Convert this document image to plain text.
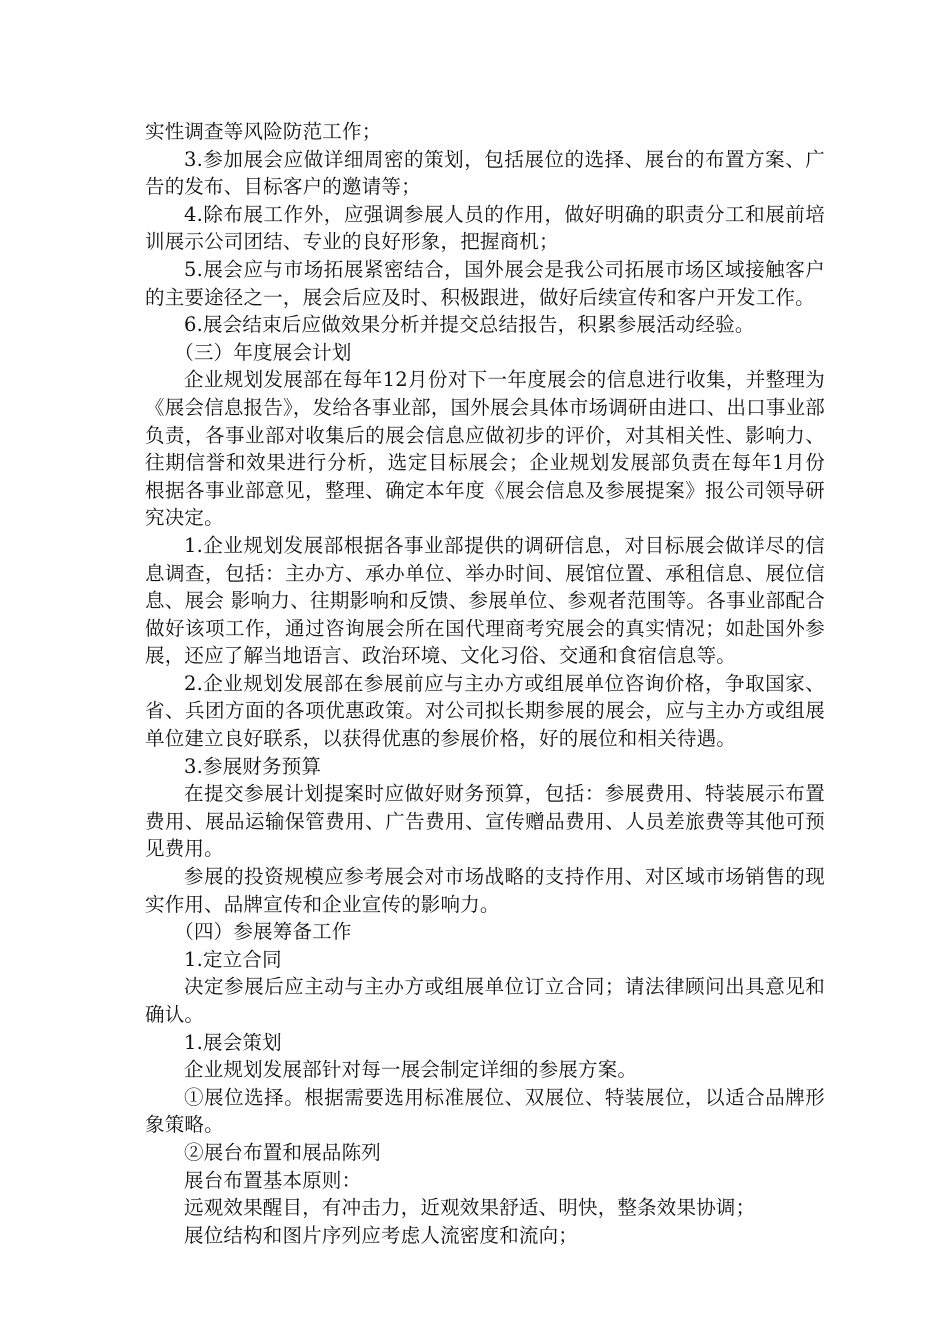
实性调查等风险防范工作；

3.参加展会应做详细周密的策划，包括展位的选择、展台的布置方案、广告的发布、目标客户的邀请等；

4.除布展工作外，应强调参展人员的作用，做好明确的职责分工和展前培训展示公司团结、专业的良好形象，把握商机；

5.展会应与市场拓展紧密结合，国外展会是我公司拓展市场区域接触客户的主要途径之一，展会后应及时、积极跟进，做好后续宣传和客户开发工作。

6.展会结束后应做效果分析并提交总结报告，积累参展活动经验。

（三）年度展会计划

企业规划发展部在每年12月份对下一年度展会的信息进行收集，并整理为《展会信息报告》，发给各事业部，国外展会具体市场调研由进口、出口事业部负责，各事业部对收集后的展会信息应做初步的评价，对其相关性、影响力、往期信誉和效果进行分析，选定目标展会；企业规划发展部负责在每年1月份根据各事业部意见，整理、确定本年度《展会信息及参展提案》报公司领导研究决定。

1.企业规划发展部根据各事业部提供的调研信息，对目标展会做详尽的信息调查，包括：主办方、承办单位、举办时间、展馆位置、承租信息、展位信息、展会 影响力、往期影响和反馈、参展单位、参观者范围等。各事业部配合做好该项工作，通过咨询展会所在国代理商考究展会的真实情况；如赴国外参展，还应了解当地语言、政治环境、文化习俗、交通和食宿信息等。

2.企业规划发展部在参展前应与主办方或组展单位咨询价格，争取国家、省、兵团方面的各项优惠政策。对公司拟长期参展的展会，应与主办方或组展单位建立良好联系，以获得优惠的参展价格，好的展位和相关待遇。

3.参展财务预算

在提交参展计划提案时应做好财务预算，包括：参展费用、特装展示布置费用、展品运输保管费用、广告费用、宣传赠品费用、人员差旅费等其他可预见费用。

参展的投资规模应参考展会对市场战略的支持作用、对区域市场销售的现实作用、品牌宣传和企业宣传的影响力。

（四）参展筹备工作

1.定立合同

决定参展后应主动与主办方或组展单位订立合同；请法律顾问出具意见和确认。

1.展会策划

企业规划发展部针对每一展会制定详细的参展方案。

①展位选择。根据需要选用标准展位、双展位、特装展位，以适合品牌形象策略。

②展台布置和展品陈列

展台布置基本原则：

远观效果醒目，有冲击力，近观效果舒适、明快，整条效果协调；

展位结构和图片序列应考虑人流密度和流向；
